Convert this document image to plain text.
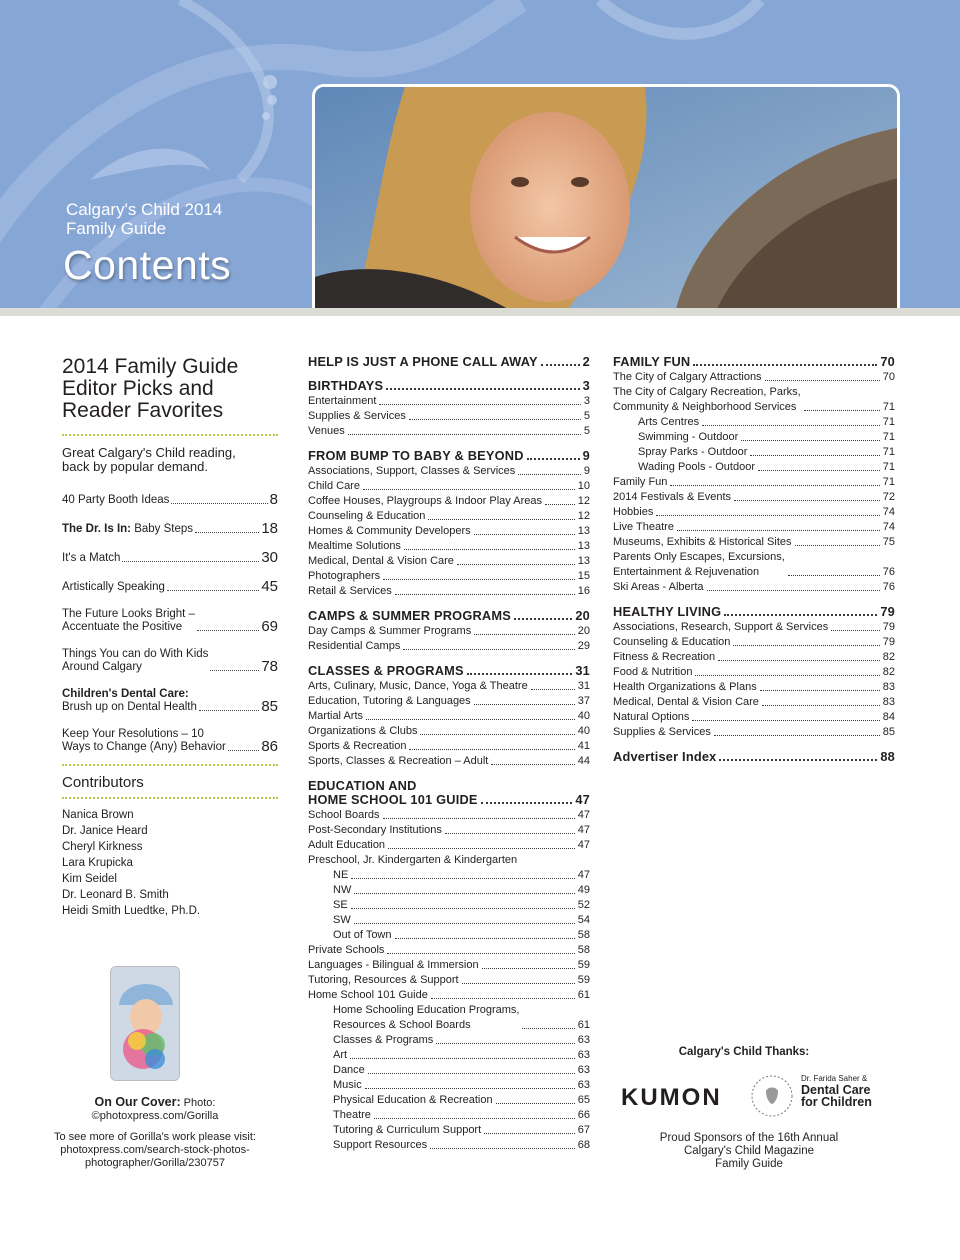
Calgary's Child 2014
Family Guide
Contents
2014 Family Guide
Editor Picks and
Reader Favorites
Great Calgary's Child reading,
back by popular demand.
40 Party Booth Ideas	8
The Dr. Is In: Baby Steps	18
It's a Match	30
Artistically Speaking	45
The Future Looks Bright –
Accentuate the Positive	69
Things You can do With Kids
Around Calgary	78
Children's Dental Care:
Brush up on Dental Health	85
Keep Your Resolutions – 10
Ways to Change (Any) Behavior 86
Contributors
Nanica Brown
Dr. Janice Heard
Cheryl Kirkness
Lara Krupicka
Kim Seidel
Dr. Leonard B. Smith
Heidi Smith Luedtke, Ph.D.
On Our Cover: Photo:
©photoxpress.com/Gorilla
To see more of Gorilla's work please visit:
photoxpress.com/search-stock-photos-
photographer/Gorilla/230757
HELP IS JUST A PHONE CALL AWAY	2
BIRTHDAYS	3
Entertainment	3
Supplies & Services	5
Venues	5
FROM BUMP TO BABY & BEYOND	9
Associations, Support, Classes & Services	9
Child Care	10
Coffee Houses, Playgroups & Indoor Play Areas	12
Counseling & Education	12
Homes & Community Developers	13
Mealtime Solutions	13
Medical, Dental & Vision Care	13
Photographers	15
Retail & Services	16
CAMPS & SUMMER PROGRAMS	20
Day Camps & Summer Programs	20
Residential Camps	29
CLASSES & PROGRAMS	31
Arts, Culinary, Music, Dance, Yoga & Theatre	31
Education, Tutoring & Languages	37
Martial Arts	40
Organizations & Clubs	40
Sports & Recreation	41
Sports, Classes & Recreation – Adult	44
EDUCATION AND
HOME SCHOOL 101 GUIDE	47
School Boards	47
Post-Secondary Institutions	47
Adult Education	47
Preschool, Jr. Kindergarten & Kindergarten
NE	47
NW	49
SE	52
SW	54
Out of Town	58
Private Schools	58
Languages - Bilingual & Immersion	59
Tutoring, Resources & Support	59
Home School 101 Guide	61
Home Schooling Education Programs,
Resources & School Boards	61
Classes & Programs	63
Art	63
Dance	63
Music	63
Physical Education & Recreation	65
Theatre	66
Tutoring & Curriculum Support	67
Support Resources	68
FAMILY FUN	70
The City of Calgary Attractions	70
The City of Calgary Recreation, Parks,
Community & Neighborhood Services	71
Arts Centres	71
Swimming - Outdoor	71
Spray Parks - Outdoor	71
Wading Pools - Outdoor	71
Family Fun	71
2014 Festivals & Events	72
Hobbies	74
Live Theatre	74
Museums, Exhibits & Historical Sites	75
Parents Only Escapes, Excursions,
Entertainment & Rejuvenation	76
Ski Areas - Alberta	76
HEALTHY LIVING	79
Associations, Research, Support & Services	79
Counseling & Education	79
Fitness & Recreation	82
Food & Nutrition	82
Health Organizations & Plans	83
Medical, Dental & Vision Care	83
Natural Options	84
Supplies & Services	85
Advertiser Index	88
Calgary's Child Thanks:
KUMON
Dr. Farida Saher &
Dental Care
for Children
Proud Sponsors of the 16th Annual
Calgary's Child Magazine
Family Guide
